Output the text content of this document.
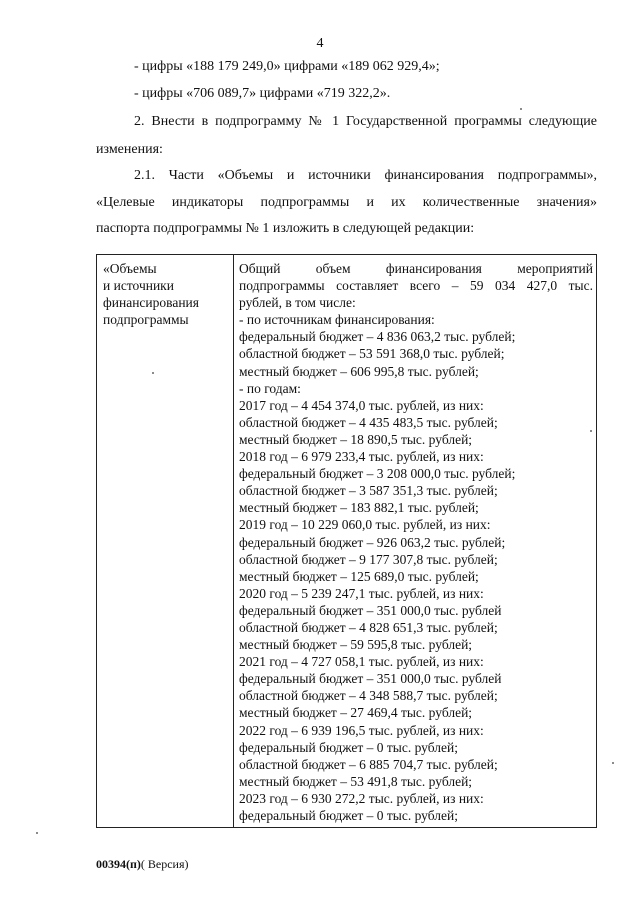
4
- цифры «188 179 249,0» цифрами «189 062 929,4»;
- цифры «706 089,7» цифрами «719 322,2».
2. Внести в подпрограмму № 1 Государственной программы следующие
изменения:
2.1. Части «Объемы и источники финансирования подпрограммы»,
«Целевые индикаторы подпрограммы и их количественные значения»
паспорта подпрограммы № 1 изложить в следующей редакции:
«Объемы
и источники
финансирования
подпрограммы
Общий объем финансирования мероприятий
подпрограммы составляет всего – 59 034 427,0 тыс.
рублей, в том числе:
- по источникам финансирования:
федеральный бюджет – 4 836 063,2 тыс. рублей;
областной бюджет – 53 591 368,0 тыс. рублей;
местный бюджет – 606 995,8 тыс. рублей;
- по годам:
2017 год – 4 454 374,0 тыс. рублей, из них:
областной бюджет – 4 435 483,5 тыс. рублей;
местный бюджет – 18 890,5 тыс. рублей;
2018 год – 6 979 233,4 тыс. рублей, из них:
федеральный бюджет – 3 208 000,0 тыс. рублей;
областной бюджет – 3 587 351,3 тыс. рублей;
местный бюджет – 183 882,1 тыс. рублей;
2019 год – 10 229 060,0 тыс. рублей, из них:
федеральный бюджет – 926 063,2 тыс. рублей;
областной бюджет – 9 177 307,8 тыс. рублей;
местный бюджет – 125 689,0 тыс. рублей;
2020 год – 5 239 247,1 тыс. рублей, из них:
федеральный бюджет – 351 000,0 тыс. рублей
областной бюджет – 4 828 651,3 тыс. рублей;
местный бюджет – 59 595,8 тыс. рублей;
2021 год – 4 727 058,1 тыс. рублей, из них:
федеральный бюджет – 351 000,0 тыс. рублей
областной бюджет – 4 348 588,7 тыс. рублей;
местный бюджет – 27 469,4 тыс. рублей;
2022 год – 6 939 196,5 тыс. рублей, из них:
федеральный бюджет – 0 тыс. рублей;
областной бюджет – 6 885 704,7 тыс. рублей;
местный бюджет – 53 491,8 тыс. рублей;
2023 год – 6 930 272,2 тыс. рублей, из них:
федеральный бюджет – 0 тыс. рублей;
00394(п)( Версия)
